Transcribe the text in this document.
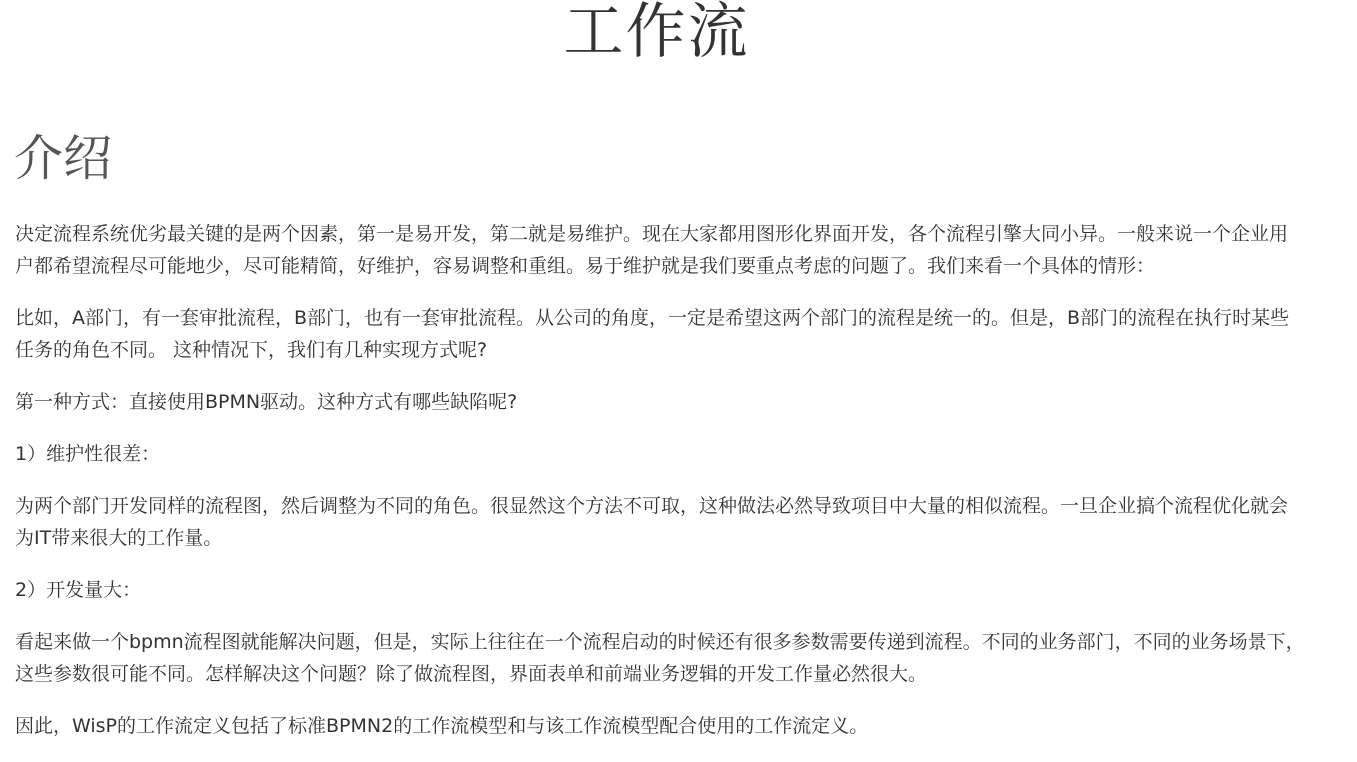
工作流
介绍

决定流程系统优劣最关键的是两个因素，第一是易开发，第二就是易维护。现在大家都用图形化界面开发，各个流程引擎大同小异。一般来说一个企业用户都希望流程尽可能地少，尽可能精简，好维护，容易调整和重组。易于维护就是我们要重点考虑的问题了。我们来看一个具体的情形：

比如，A部门，有一套审批流程，B部门，也有一套审批流程。从公司的角度，一定是希望这两个部门的流程是统一的。但是，B部门的流程在执行时某些任务的角色不同。 这种情况下，我们有几种实现方式呢?

第一种方式：直接使用BPMN驱动。这种方式有哪些缺陷呢?

1）维护性很差：

为两个部门开发同样的流程图，然后调整为不同的角色。很显然这个方法不可取，这种做法必然导致项目中大量的相似流程。一旦企业搞个流程优化就会为IT带来很大的工作量。

2）开发量大：

看起来做一个bpmn流程图就能解决问题，但是，实际上往往在一个流程启动的时候还有很多参数需要传递到流程。不同的业务部门，不同的业务场景下，这些参数很可能不同。怎样解决这个问题？除了做流程图，界面表单和前端业务逻辑的开发工作量必然很大。

因此，WisP的工作流定义包括了标准BPMN2的工作流模型和与该工作流模型配合使用的工作流定义。
